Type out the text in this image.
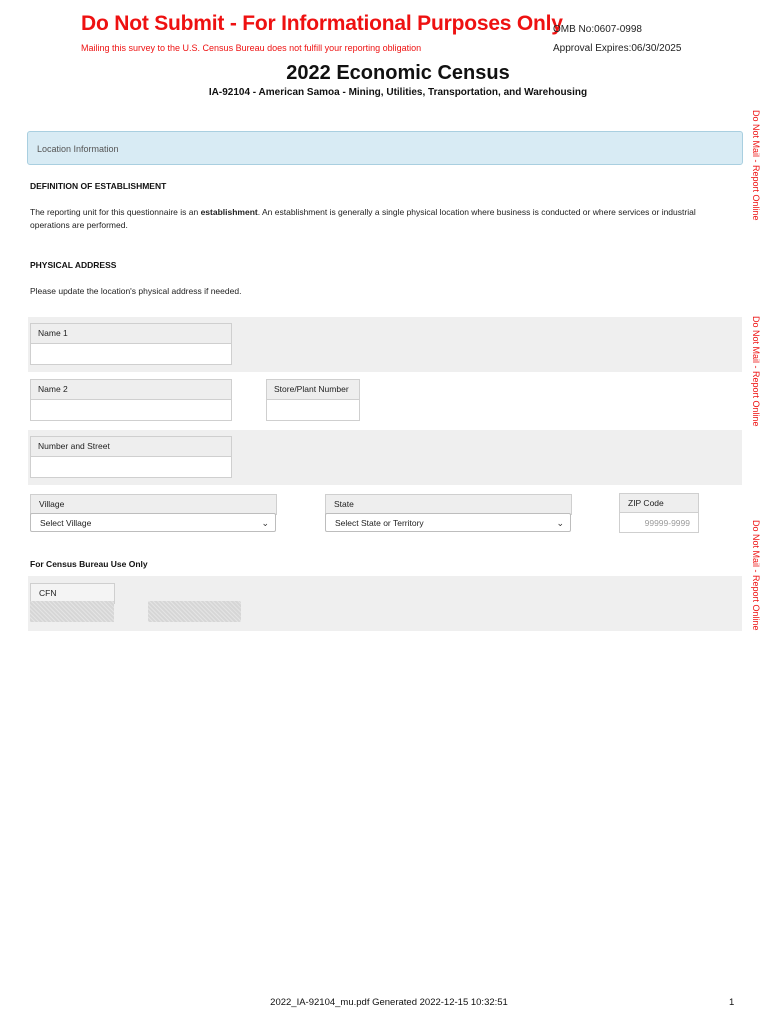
Do Not Submit - For Informational Purposes Only
Mailing this survey to the U.S. Census Bureau does not fulfill your reporting obligation
OMB No:0607-0998
Approval Expires:06/30/2025
2022 Economic Census
IA-92104 - American Samoa - Mining, Utilities, Transportation, and Warehousing
Do Not Mail - Report Online
Do Not Mail - Report Online
Do Not Mail - Report Online
Location Information
DEFINITION OF ESTABLISHMENT
The reporting unit for this questionnaire is an establishment. An establishment is generally a single physical location where business is conducted or where services or industrial operations are performed.
PHYSICAL ADDRESS
Please update the location's physical address if needed.
Name 1
Name 2	Store/Plant Number
Number and Street
Village
Select Village	⌄
State
Select State or Territory	⌄
ZIP Code
99999-9999
For Census Bureau Use Only
CFN
2022_IA-92104_mu.pdf Generated 2022-12-15 10:32:51	1
